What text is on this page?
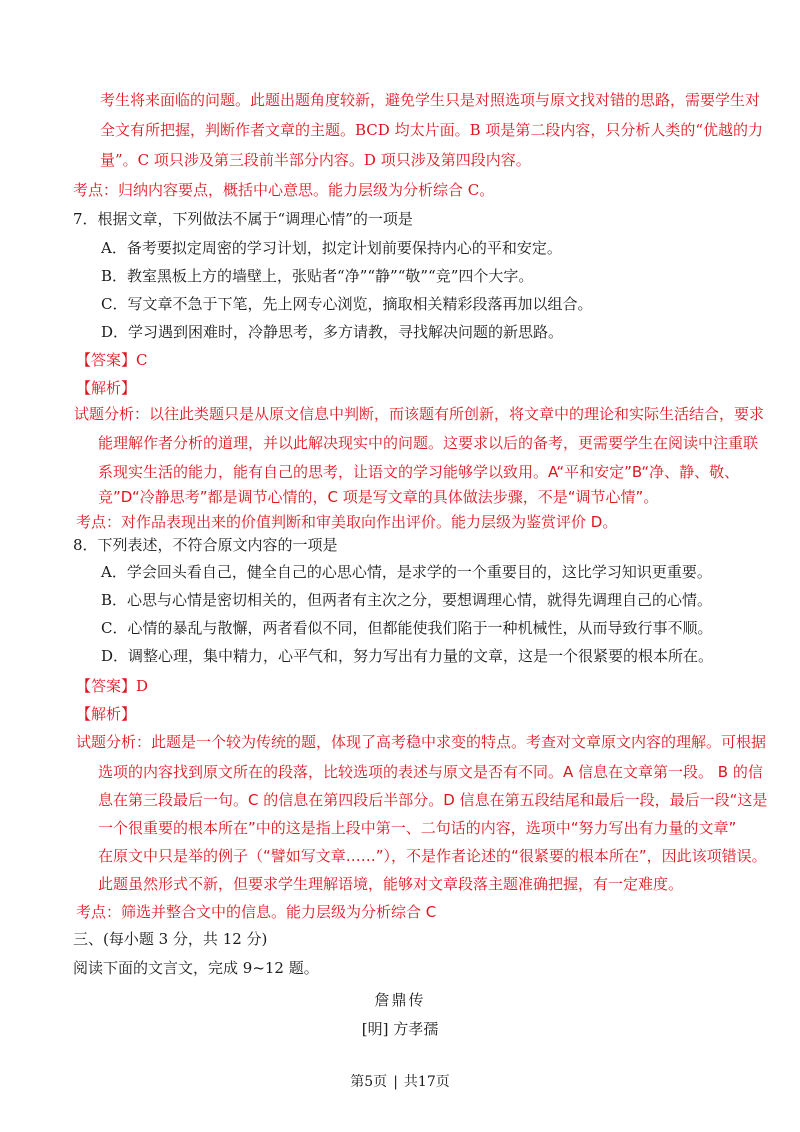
考生将来面临的问题。此题出题角度较新，避免学生只是对照选项与原文找对错的思路，需要学生对
全文有所把握，判断作者文章的主题。BCD 均太片面。B 项是第二段内容，只分析人类的“优越的力
量”。C 项只涉及第三段前半部分内容。D 项只涉及第四段内容。
考点：归纳内容要点，概括中心意思。能力层级为分析综合 C。
7．根据文章，下列做法不属于“调理心情”的一项是
A．备考要拟定周密的学习计划，拟定计划前要保持内心的平和安定。
B．教室黑板上方的墙壁上，张贴者“净”“静”“敬”“竞”四个大字。
C．写文章不急于下笔，先上网专心浏览，摘取相关精彩段落再加以组合。
D．学习遇到困难时，冷静思考，多方请教，寻找解决问题的新思路。
【答案】C
【解析】
试题分析：以往此类题只是从原文信息中判断，而该题有所创新，将文章中的理论和实际生活结合，要求
能理解作者分析的道理，并以此解决现实中的问题。这要求以后的备考，更需要学生在阅读中注重联
系现实生活的能力，能有自己的思考，让语文的学习能够学以致用。A“平和安定”B“净、静、敬、
竞”D“冷静思考”都是调节心情的，C 项是写文章的具体做法步骤，不是“调节心情”。
考点：对作品表现出来的价值判断和审美取向作出评价。能力层级为鉴赏评价 D。
8．下列表述，不符合原文内容的一项是
A．学会回头看自己，健全自己的心思心情，是求学的一个重要目的，这比学习知识更重要。
B．心思与心情是密切相关的，但两者有主次之分，要想调理心情，就得先调理自己的心情。
C．心情的暴乱与散懈，两者看似不同，但都能使我们陷于一种机械性，从而导致行事不顺。
D．调整心理，集中精力，心平气和，努力写出有力量的文章，这是一个很紧要的根本所在。
【答案】D
【解析】
试题分析：此题是一个较为传统的题，体现了高考稳中求变的特点。考查对文章原文内容的理解。可根据
选项的内容找到原文所在的段落，比较选项的表述与原文是否有不同。A 信息在文章第一段。 B 的信
息在第三段最后一句。C 的信息在第四段后半部分。D 信息在第五段结尾和最后一段，最后一段“这是
一个很重要的根本所在”中的这是指上段中第一、二句话的内容，选项中“努力写出有力量的文章”
在原文中只是举的例子（“譬如写文章……”），不是作者论述的“很紧要的根本所在”，因此该项错误。
此题虽然形式不新，但要求学生理解语境，能够对文章段落主题准确把握，有一定难度。
考点：筛选并整合文中的信息。能力层级为分析综合 C
三、(每小题 3 分，共 12 分)
阅读下面的文言文，完成 9~12 题。
詹鼎传
[明] 方孝孺
第5页 | 共17页
